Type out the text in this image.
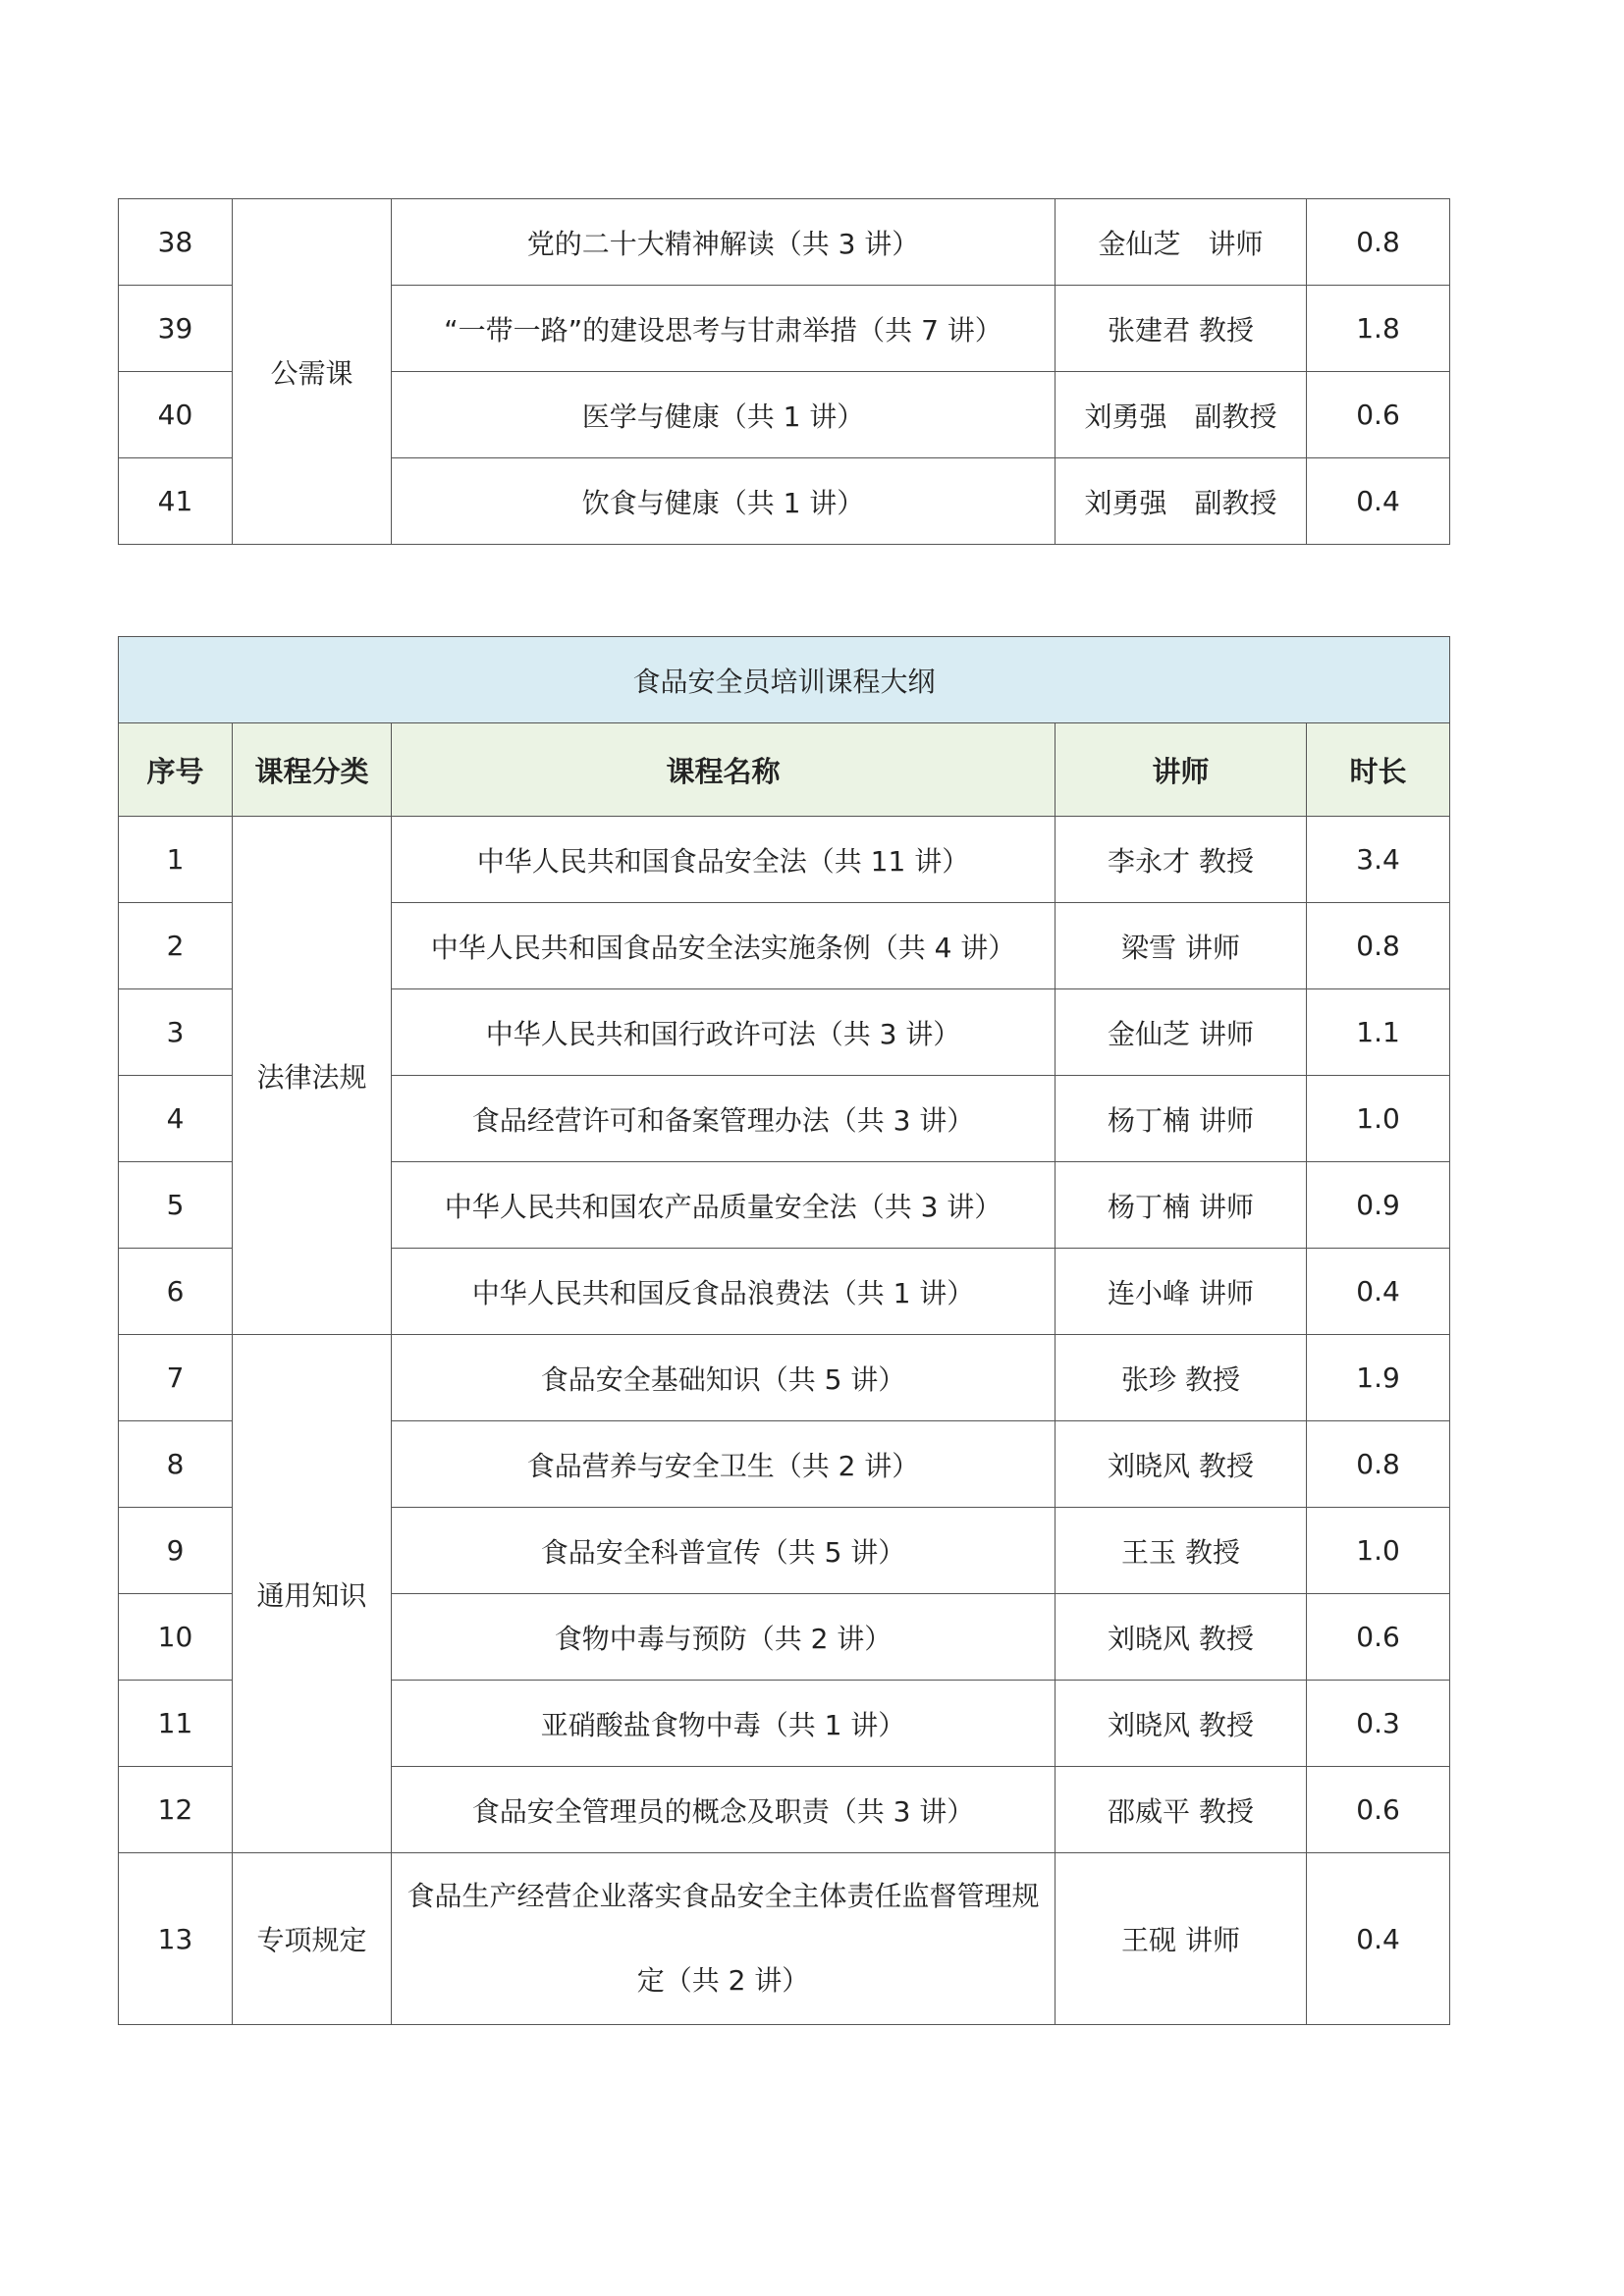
38	公需课	党的二十大精神解读（共 3 讲）	金仙芝　讲师	0.8
39		“一带一路”的建设思考与甘肃举措（共 7 讲）	张建君 教授	1.8
40		医学与健康（共 1 讲）	刘勇强　副教授	0.6
41		饮食与健康（共 1 讲）	刘勇强　副教授	0.4
食品安全员培训课程大纲				
序号	课程分类	课程名称	讲师	时长
1	法律法规	中华人民共和国食品安全法（共 11 讲）	李永才 教授	3.4
2		中华人民共和国食品安全法实施条例（共 4 讲）	梁雪 讲师	0.8
3		中华人民共和国行政许可法（共 3 讲）	金仙芝 讲师	1.1
4		食品经营许可和备案管理办法（共 3 讲）	杨丁楠 讲师	1.0
5		中华人民共和国农产品质量安全法（共 3 讲）	杨丁楠 讲师	0.9
6		中华人民共和国反食品浪费法（共 1 讲）	连小峰 讲师	0.4
7	通用知识	食品安全基础知识（共 5 讲）	张珍 教授	1.9
8		食品营养与安全卫生（共 2 讲）	刘晓风 教授	0.8
9		食品安全科普宣传（共 5 讲）	王玉 教授	1.0
10		食物中毒与预防（共 2 讲）	刘晓风 教授	0.6
11		亚硝酸盐食物中毒（共 1 讲）	刘晓风 教授	0.3
12		食品安全管理员的概念及职责（共 3 讲）	邵威平 教授	0.6
13	专项规定	食品生产经营企业落实食品安全主体责任监督管理规定（共 2 讲）	王砚 讲师	0.4
